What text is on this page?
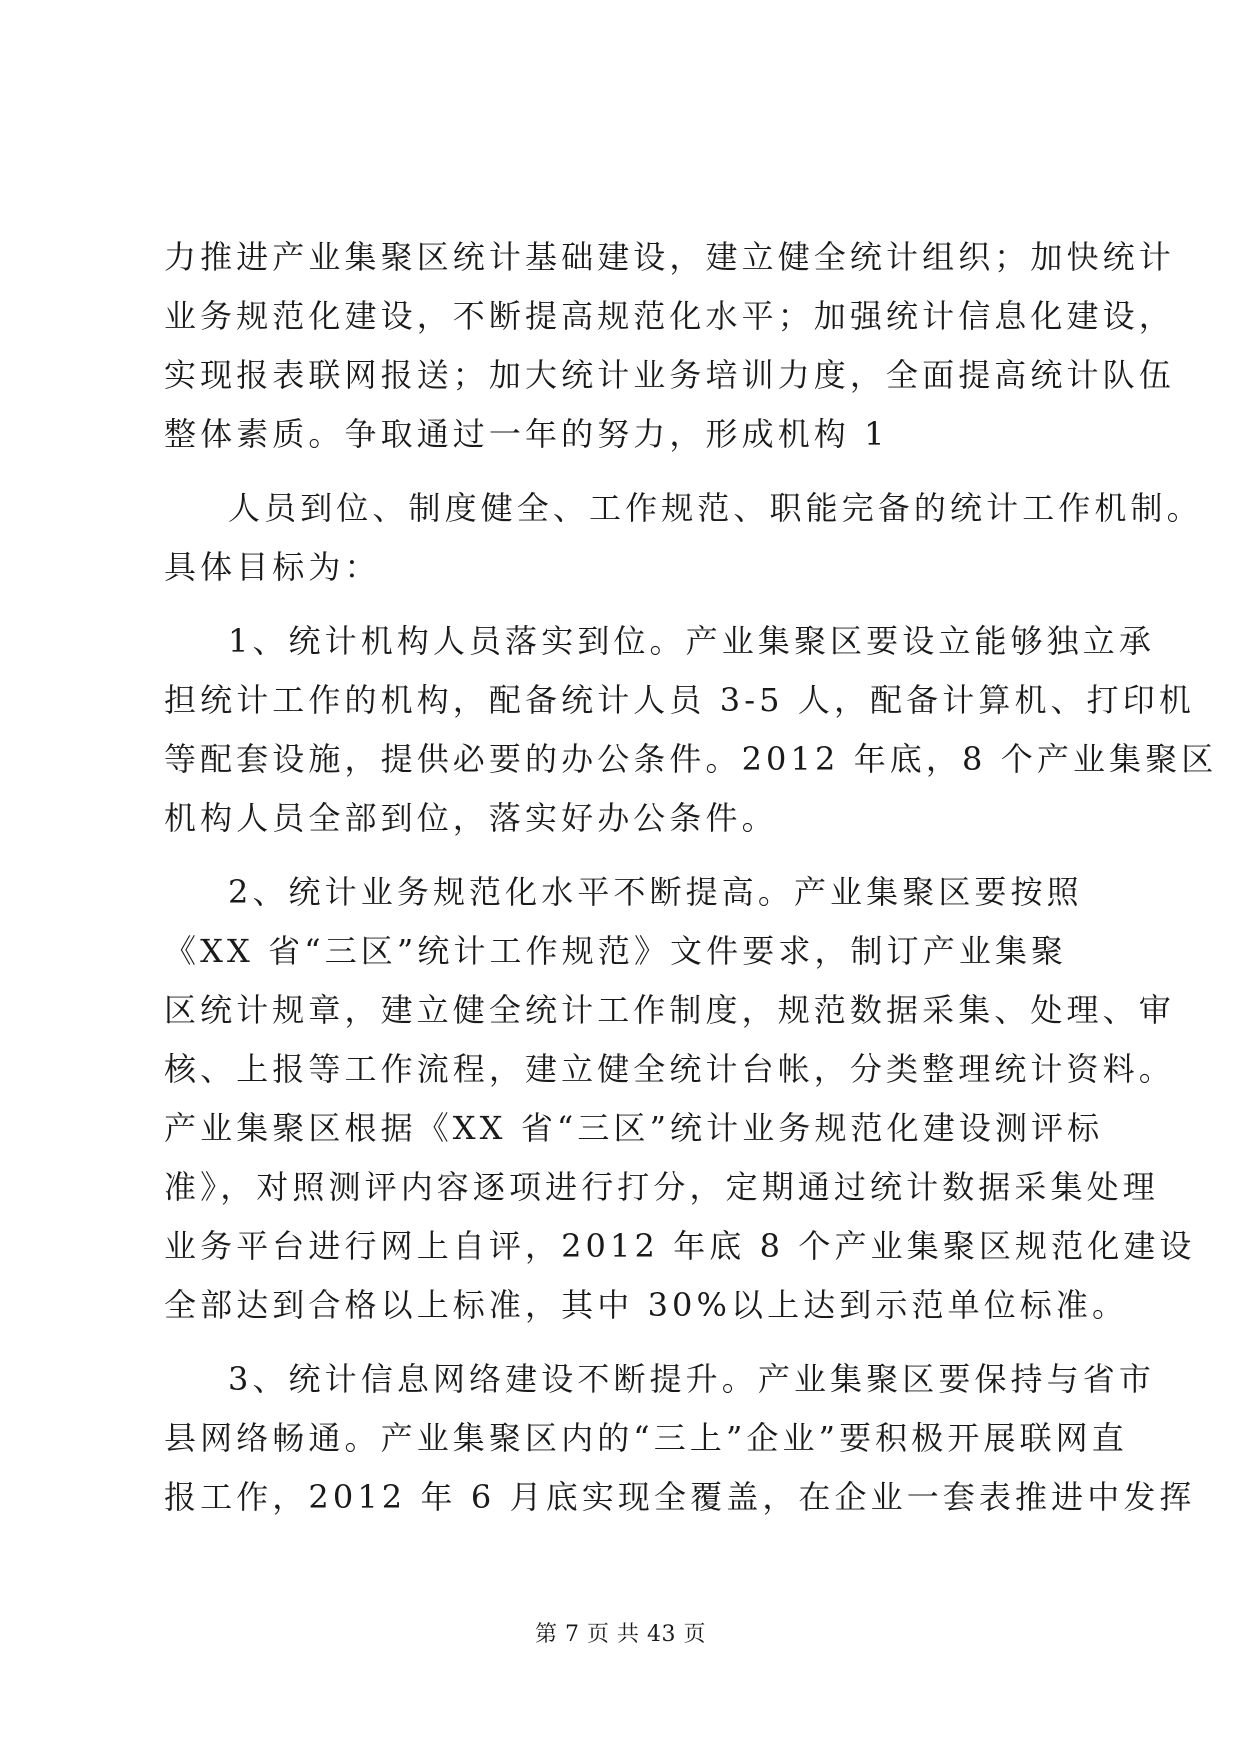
力推进产业集聚区统计基础建设，建立健全统计组织；加快统计
业务规范化建设，不断提高规范化水平；加强统计信息化建设，
实现报表联网报送；加大统计业务培训力度，全面提高统计队伍
整体素质。争取通过一年的努力，形成机构 1
人员到位、制度健全、工作规范、职能完备的统计工作机制。
具体目标为：
1、统计机构人员落实到位。产业集聚区要设立能够独立承
担统计工作的机构，配备统计人员 3-5 人，配备计算机、打印机
等配套设施，提供必要的办公条件。2012 年底，8 个产业集聚区
机构人员全部到位，落实好办公条件。
2、统计业务规范化水平不断提高。产业集聚区要按照
《XX 省“三区”统计工作规范》文件要求，制订产业集聚
区统计规章，建立健全统计工作制度，规范数据采集、处理、审
核、上报等工作流程，建立健全统计台帐，分类整理统计资料。
产业集聚区根据《XX 省“三区”统计业务规范化建设测评标
准》，对照测评内容逐项进行打分，定期通过统计数据采集处理
业务平台进行网上自评，2012 年底 8 个产业集聚区规范化建设
全部达到合格以上标准，其中 30%以上达到示范单位标准。
3、统计信息网络建设不断提升。产业集聚区要保持与省市
县网络畅通。产业集聚区内的“三上”企业”要积极开展联网直
报工作，2012 年 6 月底实现全覆盖，在企业一套表推进中发挥
第 7 页 共 43 页
